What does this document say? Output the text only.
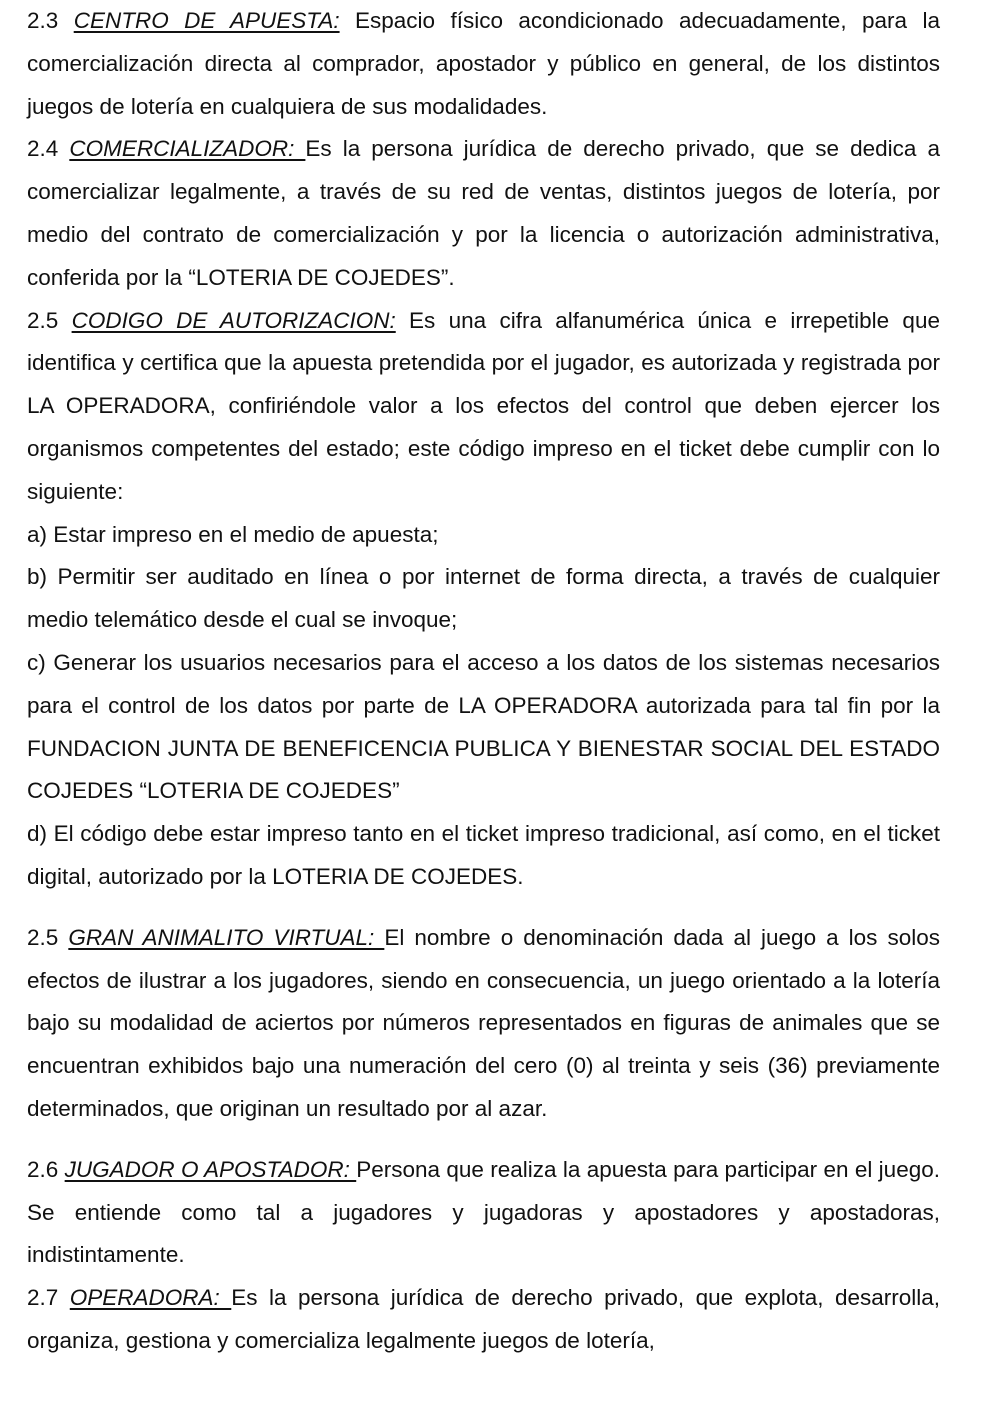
2.3 CENTRO DE APUESTA: Espacio físico acondicionado adecuadamente, para la comercialización directa al comprador, apostador y público en general, de los distintos juegos de lotería en cualquiera de sus modalidades.

2.4 COMERCIALIZADOR: Es la persona jurídica de derecho privado, que se dedica a comercializar legalmente, a través de su red de ventas, distintos juegos de lotería, por medio del contrato de comercialización y por la licencia o autorización administrativa, conferida por la “LOTERIA DE COJEDES”.

2.5 CODIGO DE AUTORIZACION: Es una cifra alfanumérica única e irrepetible que identifica y certifica que la apuesta pretendida por el jugador, es autorizada y registrada por LA OPERADORA, confiriéndole valor a los efectos del control que deben ejercer los organismos competentes del estado; este código impreso en el ticket debe cumplir con lo siguiente:

a) Estar impreso en el medio de apuesta;

b) Permitir ser auditado en línea o por internet de forma directa, a través de cualquier medio telemático desde el cual se invoque;

c) Generar los usuarios necesarios para el acceso a los datos de los sistemas necesarios para el control de los datos por parte de LA OPERADORA autorizada para tal fin por la FUNDACION JUNTA DE BENEFICENCIA PUBLICA Y BIENESTAR SOCIAL DEL ESTADO COJEDES “LOTERIA DE COJEDES”

d) El código debe estar impreso tanto en el ticket impreso tradicional, así como, en el ticket digital, autorizado por la LOTERIA DE COJEDES.

2.5 GRAN ANIMALITO VIRTUAL: El nombre o denominación dada al juego a los solos efectos de ilustrar a los jugadores, siendo en consecuencia, un juego orientado a la lotería bajo su modalidad de aciertos por números representados en figuras de animales que se encuentran exhibidos bajo una numeración del cero (0) al treinta y seis (36) previamente determinados, que originan un resultado por al azar.

2.6 JUGADOR O APOSTADOR: Persona que realiza la apuesta para participar en el juego. Se entiende como tal a jugadores y jugadoras y apostadores y apostadoras, indistintamente.

2.7 OPERADORA: Es la persona jurídica de derecho privado, que explota, desarrolla, organiza, gestiona y comercializa legalmente juegos de lotería,
